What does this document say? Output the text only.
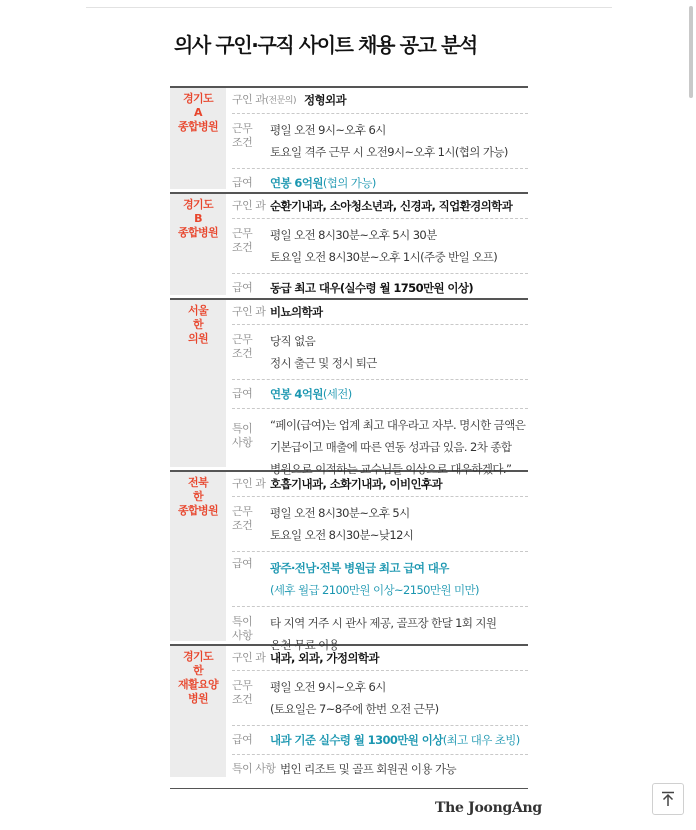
의사 구인·구직 사이트 채용 공고 분석
경기도
A
종합병원
구인 과(전문의) 정형외과
근무
조건

평일 오전 9시~오후 6시

토요일 격주 근무 시 오전9시~오후 1시(협의 가능)

급여	연봉 6억원(협의 가능)
경기도
B
종합병원
구인 과 순환기내과, 소아청소년과, 신경과, 직업환경의학과
근무
조건

평일 오전 8시30분~오후 5시 30분

토요일 오전 8시30분~오후 1시(주중 반일 오프)

급여	동급 최고 대우(실수령 월 1750만원 이상)
서울
한
의원
구인 과 비뇨의학과
근무
조건

당직 없음

정시 출근 및 정시 퇴근

급여	연봉 4억원(세전)
특이
사항

“페이(급여)는 업계 최고 대우라고 자부. 명시한 금액은

기본급이고 매출에 따른 연동 성과급 있음. 2차 종합

병원으로 이적하는 교수님들 이상으로 대우하겠다.”

전북
한
종합병원
구인 과 호흡기내과, 소화기내과, 이비인후과
근무
조건

평일 오전 8시30분~오후 5시

토요일 오전 8시30분~낮12시

급여	광주·전남·전북 병원급 최고 급여 대우

(세후 월급 2100만원 이상~2150만원 미만)

특이
사항

타 지역 거주 시 관사 제공, 골프장 한달 1회 지원

온천 무료 이용

경기도
한
재활요양
병원
구인 과 내과, 외과, 가정의학과
근무
조건

평일 오전 9시~오후 6시

(토요일은 7~8주에 한번 오전 근무)

급여	내과 기준 실수령 월 1300만원 이상(최고 대우 초빙)
특이 사항 법인 리조트 및 골프 회원권 이용 가능
The JoongAng
